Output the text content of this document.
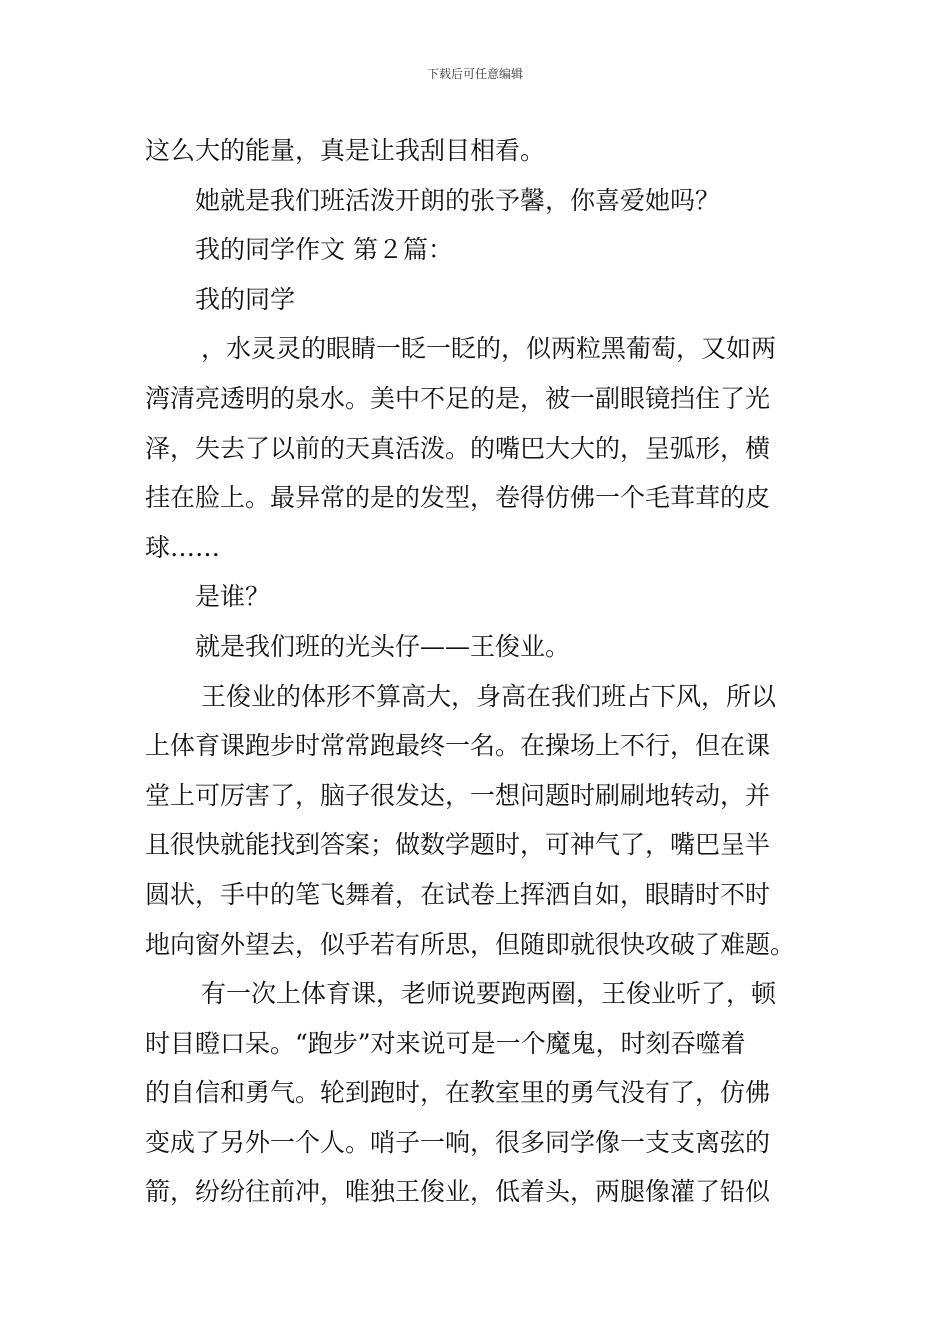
下载后可任意编辑
这么大的能量，真是让我刮目相看。
她就是我们班活泼开朗的张予馨，你喜爱她吗？
我的同学作文 第２篇：
我的同学
，水灵灵的眼睛一眨一眨的，似两粒黑葡萄，又如两
湾清亮透明的泉水。美中不足的是，被一副眼镜挡住了光
泽，失去了以前的天真活泼。的嘴巴大大的，呈弧形，横
挂在脸上。最异常的是的发型，卷得仿佛一个毛茸茸的皮
球……
是谁？
就是我们班的光头仔——王俊业。
王俊业的体形不算高大，身高在我们班占下风，所以
上体育课跑步时常常跑最终一名。在操场上不行，但在课
堂上可厉害了，脑子很发达，一想问题时刷刷地转动，并
且很快就能找到答案；做数学题时，可神气了，嘴巴呈半
圆状，手中的笔飞舞着，在试卷上挥洒自如，眼睛时不时
地向窗外望去，似乎若有所思，但随即就很快攻破了难题。
有一次上体育课，老师说要跑两圈，王俊业听了，顿
时目瞪口呆。“跑步”对来说可是一个魔鬼，时刻吞噬着
的自信和勇气。轮到跑时，在教室里的勇气没有了，仿佛
变成了另外一个人。哨子一响，很多同学像一支支离弦的
箭，纷纷往前冲，唯独王俊业，低着头，两腿像灌了铅似
